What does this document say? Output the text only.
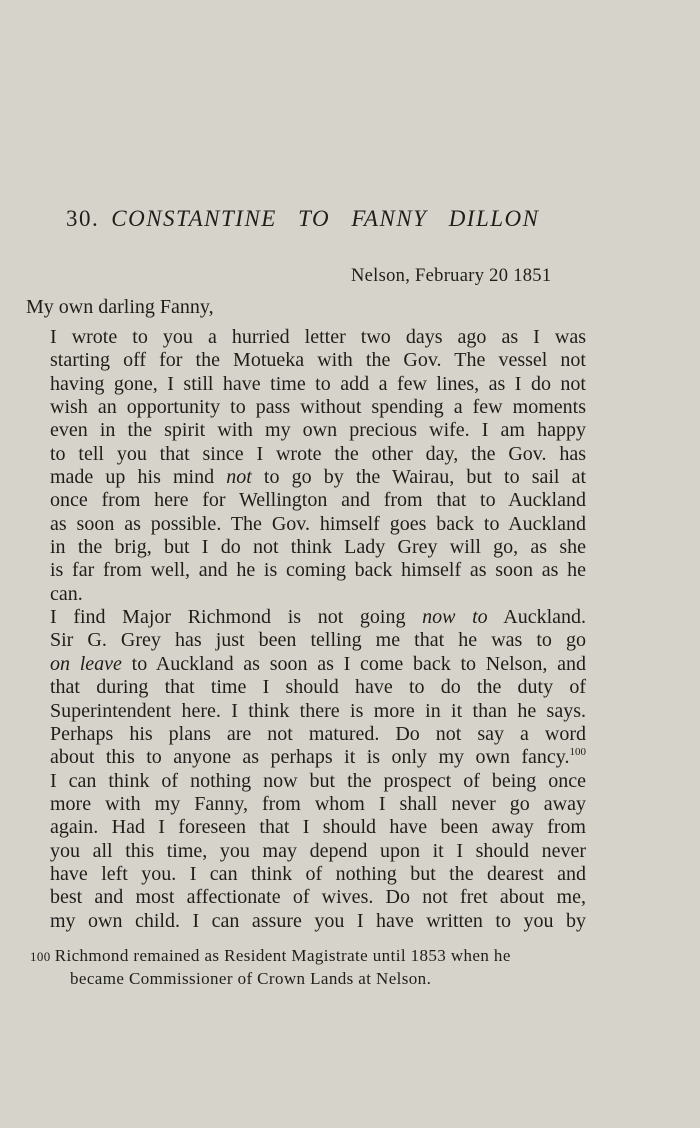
30. CONSTANTINE TO FANNY DILLON
Nelson, February 20 1851
My own darling Fanny,

I wrote to you a hurried letter two days ago as I was
starting off for the Motueka with the Gov. The vessel not
having gone, I still have time to add a few lines, as I do not
wish an opportunity to pass without spending a few moments
even in the spirit with my own precious wife. I am happy
to tell you that since I wrote the other day, the Gov. has
made up his mind not to go by the Wairau, but to sail at
once from here for Wellington and from that to Auckland
as soon as possible. The Gov. himself goes back to Auckland
in the brig, but I do not think Lady Grey will go, as she
is far from well, and he is coming back himself as soon as he
can.

I find Major Richmond is not going now to Auckland.
Sir G. Grey has just been telling me that he was to go
on leave to Auckland as soon as I come back to Nelson, and
that during that time I should have to do the duty of
Superintendent here. I think there is more in it than he says.
Perhaps his plans are not matured. Do not say a word
about this to anyone as perhaps it is only my own fancy.$^{100}$

I can think of nothing now but the prospect of being once
more with my Fanny, from whom I shall never go away
again. Had I foreseen that I should have been away from
you all this time, you may depend upon it I should never
have left you. I can think of nothing but the dearest and
best and most affectionate of wives. Do not fret about me,
my own child. I can assure you I have written to you by

100 Richmond remained as Resident Magistrate until 1853 when he
became Commissioner of Crown Lands at Nelson.
